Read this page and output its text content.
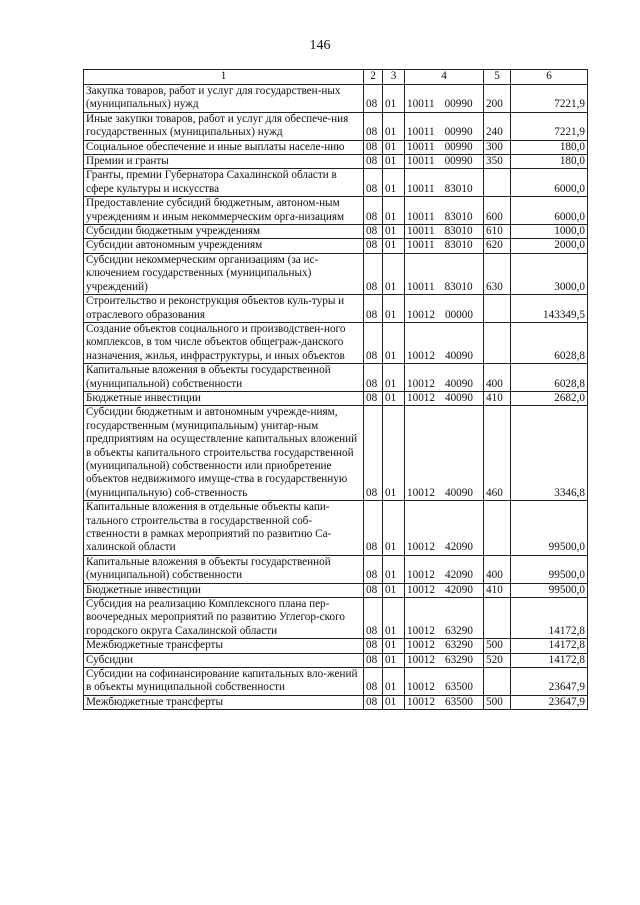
146
1	2	3	4	5	6
Закупка товаров, работ и услуг для государствен-ных (муниципальных) нужд	08	01	10011 00990	200	7221,9
Иные закупки товаров, работ и услуг для обеспече-ния государственных (муниципальных) нужд	08	01	10011 00990	240	7221,9
Социальное обеспечение и иные выплаты населе-нию	08	01	10011 00990	300	180,0
Премии и гранты	08	01	10011 00990	350	180,0
Гранты, премии Губернатора Сахалинской области в сфере культуры и искусства	08	01	10011 83010		6000,0
Предоставление субсидий бюджетным, автоном-ным учреждениям и иным некоммерческим орга-низациям	08	01	10011 83010	600	6000,0
Субсидии бюджетным учреждениям	08	01	10011 83010	610	1000,0
Субсидии автономным учреждениям	08	01	10011 83010	620	2000,0
Субсидии некоммерческим организациям (за ис-ключением государственных (муниципальных) учреждений)	08	01	10011 83010	630	3000,0
Строительство и реконструкция объектов куль-туры и отраслевого образования	08	01	10012 00000		143349,5
Создание объектов социального и производствен-ного комплексов, в том числе объектов общеграж-данского назначения, жилья, инфраструктуры, и иных объектов	08	01	10012 40090		6028,8
Капитальные вложения в объекты государственной (муниципальной) собственности	08	01	10012 40090	400	6028,8
Бюджетные инвестиции	08	01	10012 40090	410	2682,0
Субсидии бюджетным и автономным учрежде-ниям, государственным (муниципальным) унитар-ным предприятиям на осуществление капитальных вложений в объекты капитального строительства государственной (муниципальной) собственности или приобретение объектов недвижимого имуще-ства в государственную (муниципальную) соб-ственность	08	01	10012 40090	460	3346,8
Капитальные вложения в отдельные объекты капи-тального строительства в государственной соб-ственности в рамках мероприятий по развитию Са-халинской области	08	01	10012 42090		99500,0
Капитальные вложения в объекты государственной (муниципальной) собственности	08	01	10012 42090	400	99500,0
Бюджетные инвестиции	08	01	10012 42090	410	99500,0
Субсидия на реализацию Комплексного плана пер-воочередных мероприятий по развитию Углегор-ского городского округа Сахалинской области	08	01	10012 63290		14172,8
Межбюджетные трансферты	08	01	10012 63290	500	14172,8
Субсидии	08	01	10012 63290	520	14172,8
Субсидии на софинансирование капитальных вло-жений в объекты муниципальной собственности	08	01	10012 63500		23647,9
Межбюджетные трансферты	08	01	10012 63500	500	23647,9
